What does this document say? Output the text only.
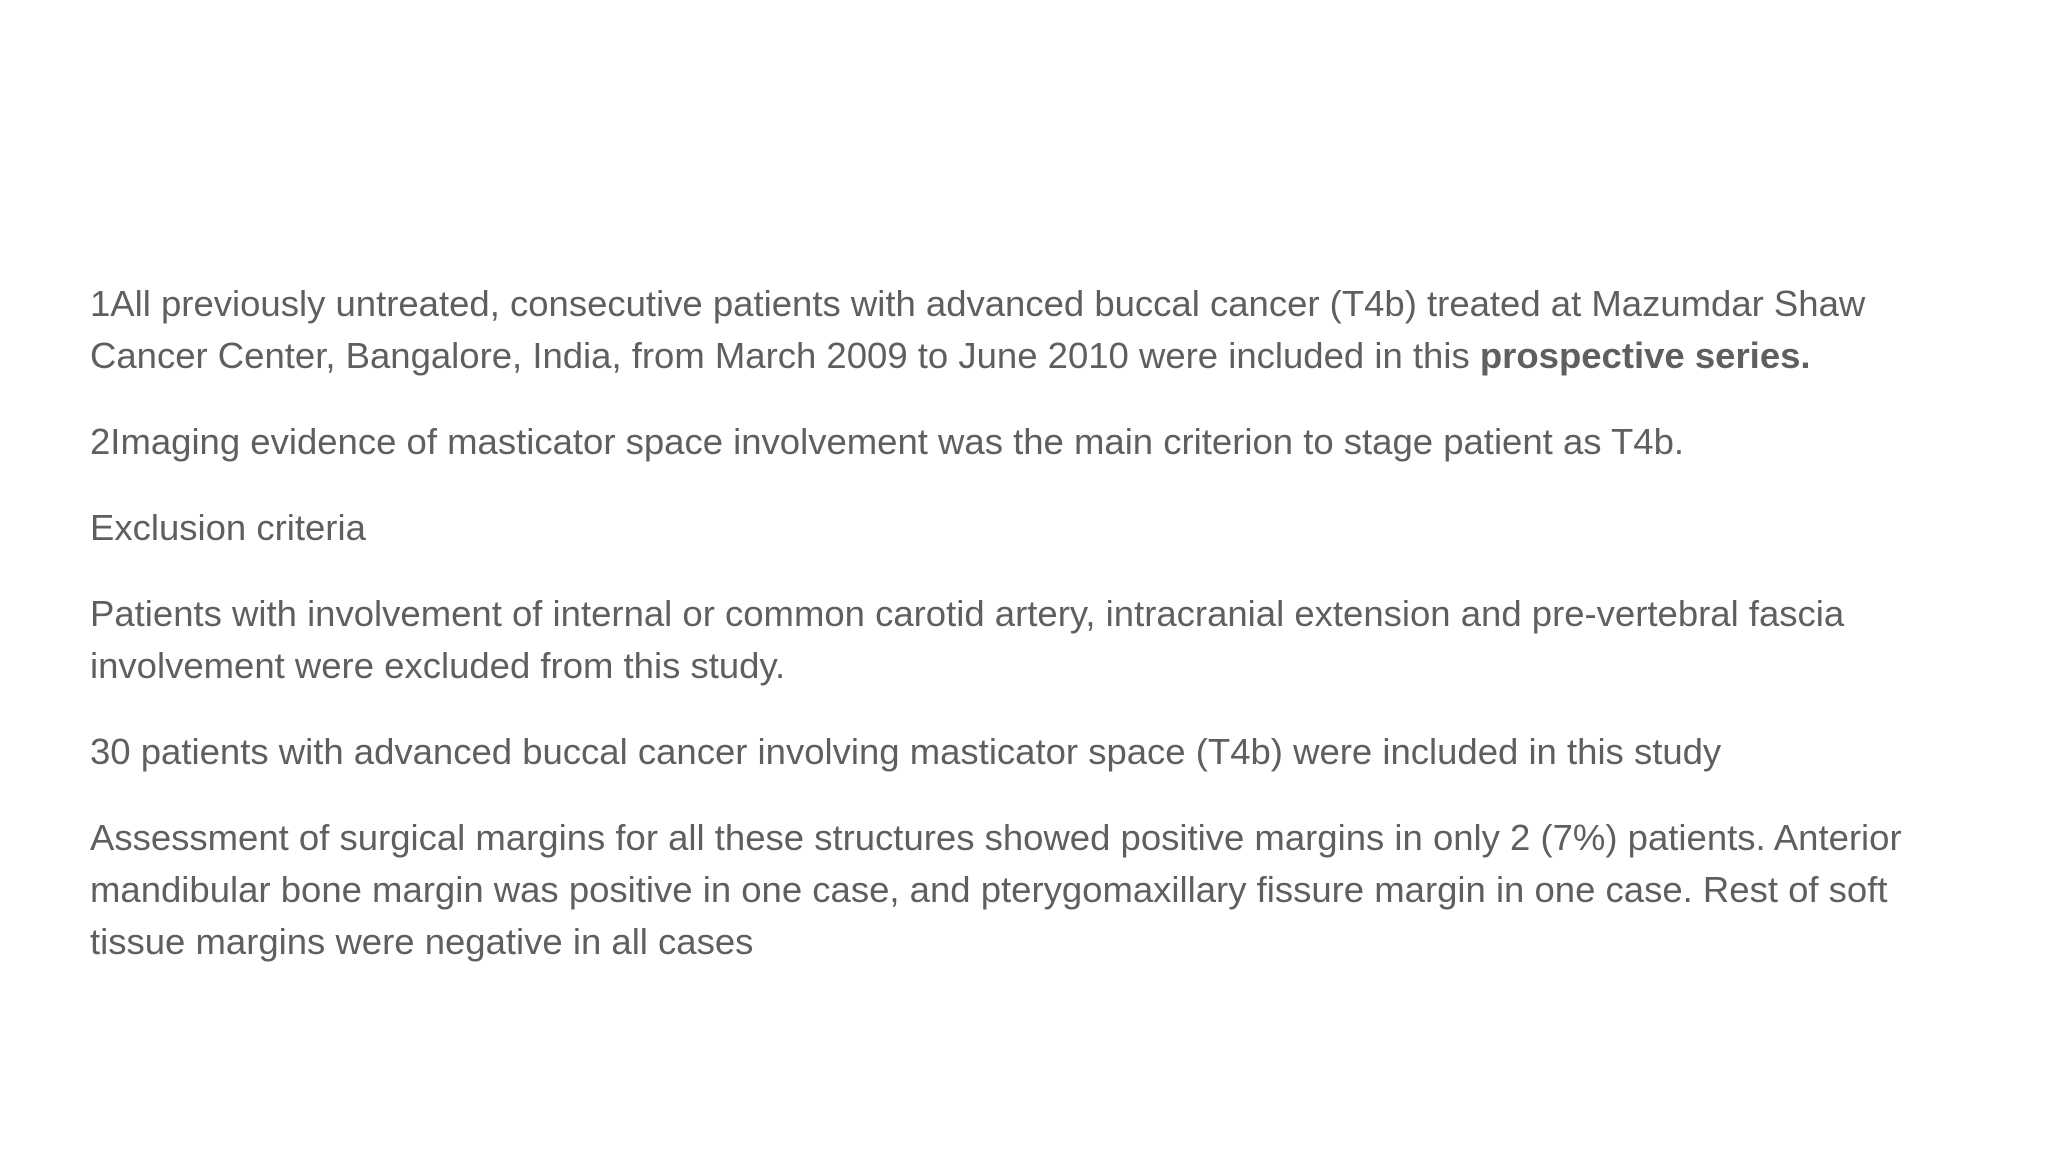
1All previously untreated, consecutive patients with advanced buccal cancer (T4b) treated at Mazumdar Shaw Cancer Center, Bangalore, India, from March 2009 to June 2010 were included in this prospective series.

2Imaging evidence of masticator space involvement was the main criterion to stage patient as T4b.

Exclusion criteria

Patients with involvement of internal or common carotid artery, intracranial extension and pre-vertebral fascia involvement were excluded from this study.

30 patients with advanced buccal cancer involving masticator space (T4b) were included in this study

Assessment of surgical margins for all these structures showed positive margins in only 2 (7%) patients. Anterior mandibular bone margin was positive in one case, and pterygomaxillary fissure margin in one case. Rest of soft tissue margins were negative in all cases
